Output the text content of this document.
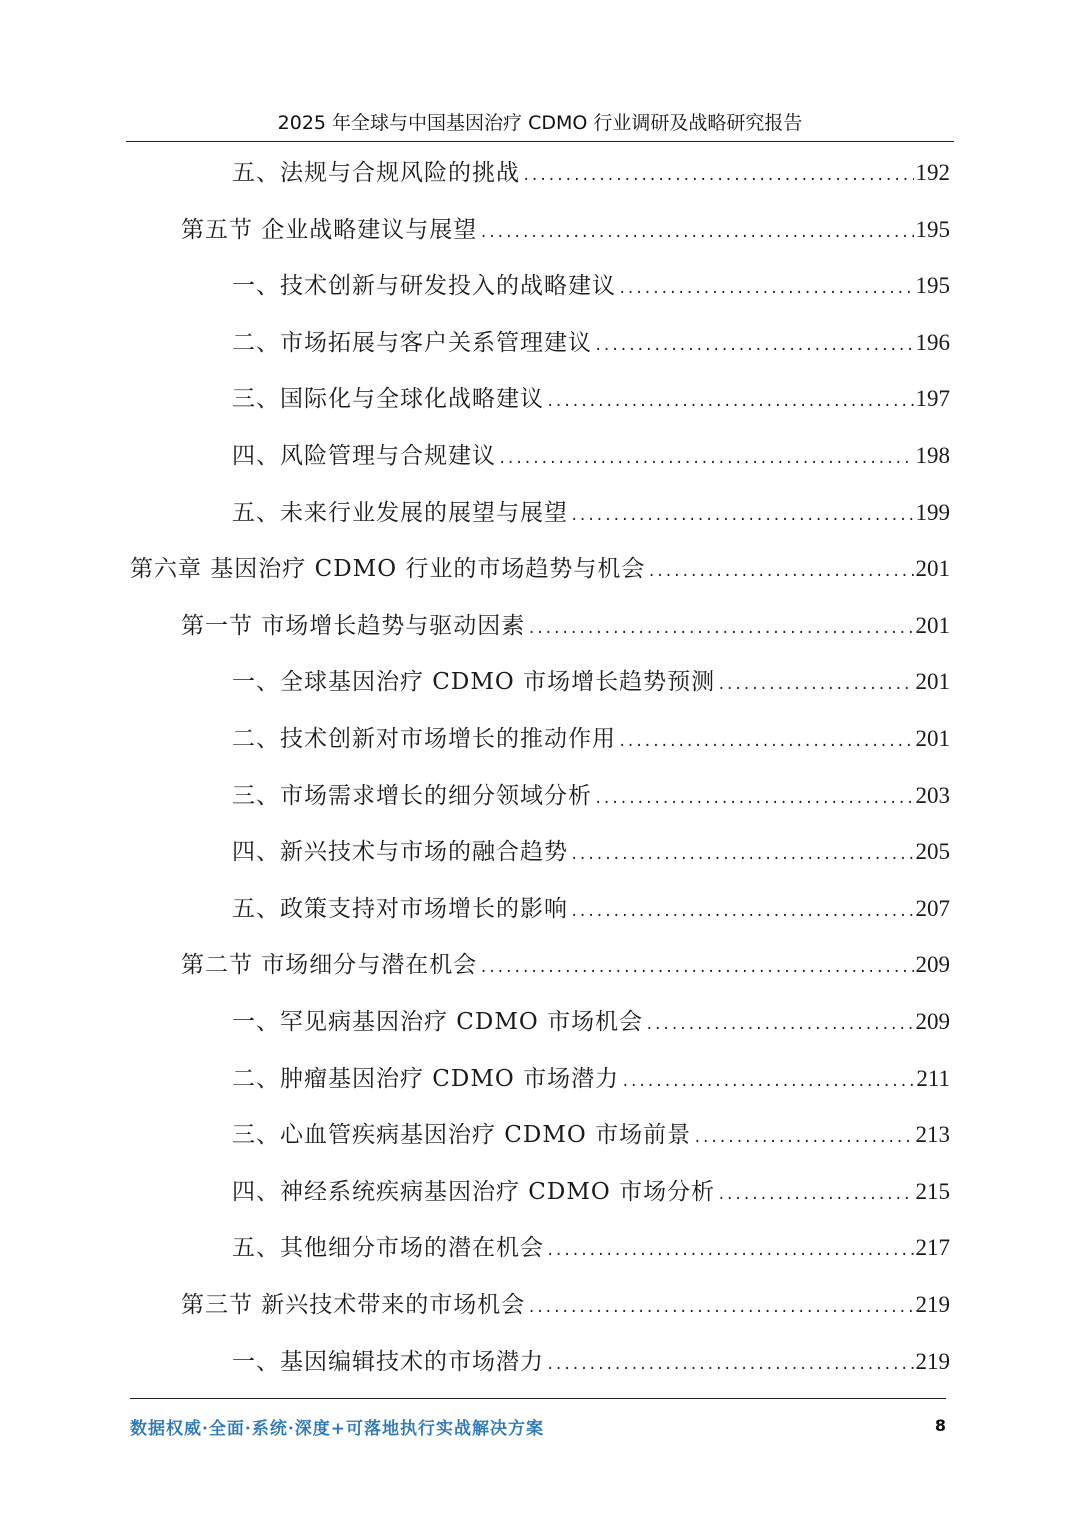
2025 年全球与中国基因治疗 CDMO 行业调研及战略研究报告
五、法规与合规风险的挑战 .....	192
第五节 企业战略建议与展望 .....	195
一、技术创新与研发投入的战略建议 .....	195
二、市场拓展与客户关系管理建议 .....	196
三、国际化与全球化战略建议 .....	197
四、风险管理与合规建议 .....	198
五、未来行业发展的展望与展望 .....	199
第六章 基因治疗 CDMO 行业的市场趋势与机会 .....	201
第一节 市场增长趋势与驱动因素 .....	201
一、全球基因治疗 CDMO 市场增长趋势预测 .....	201
二、技术创新对市场增长的推动作用 .....	201
三、市场需求增长的细分领域分析 .....	203
四、新兴技术与市场的融合趋势 .....	205
五、政策支持对市场增长的影响 .....	207
第二节 市场细分与潜在机会 .....	209
一、罕见病基因治疗 CDMO 市场机会 .....	209
二、肿瘤基因治疗 CDMO 市场潜力 .....	211
三、心血管疾病基因治疗 CDMO 市场前景 .....	213
四、神经系统疾病基因治疗 CDMO 市场分析 .....	215
五、其他细分市场的潜在机会 .....	217
第三节 新兴技术带来的市场机会 .....	219
一、基因编辑技术的市场潜力 .....	219
数据权威·全面·系统·深度+可落地执行实战解决方案	8
